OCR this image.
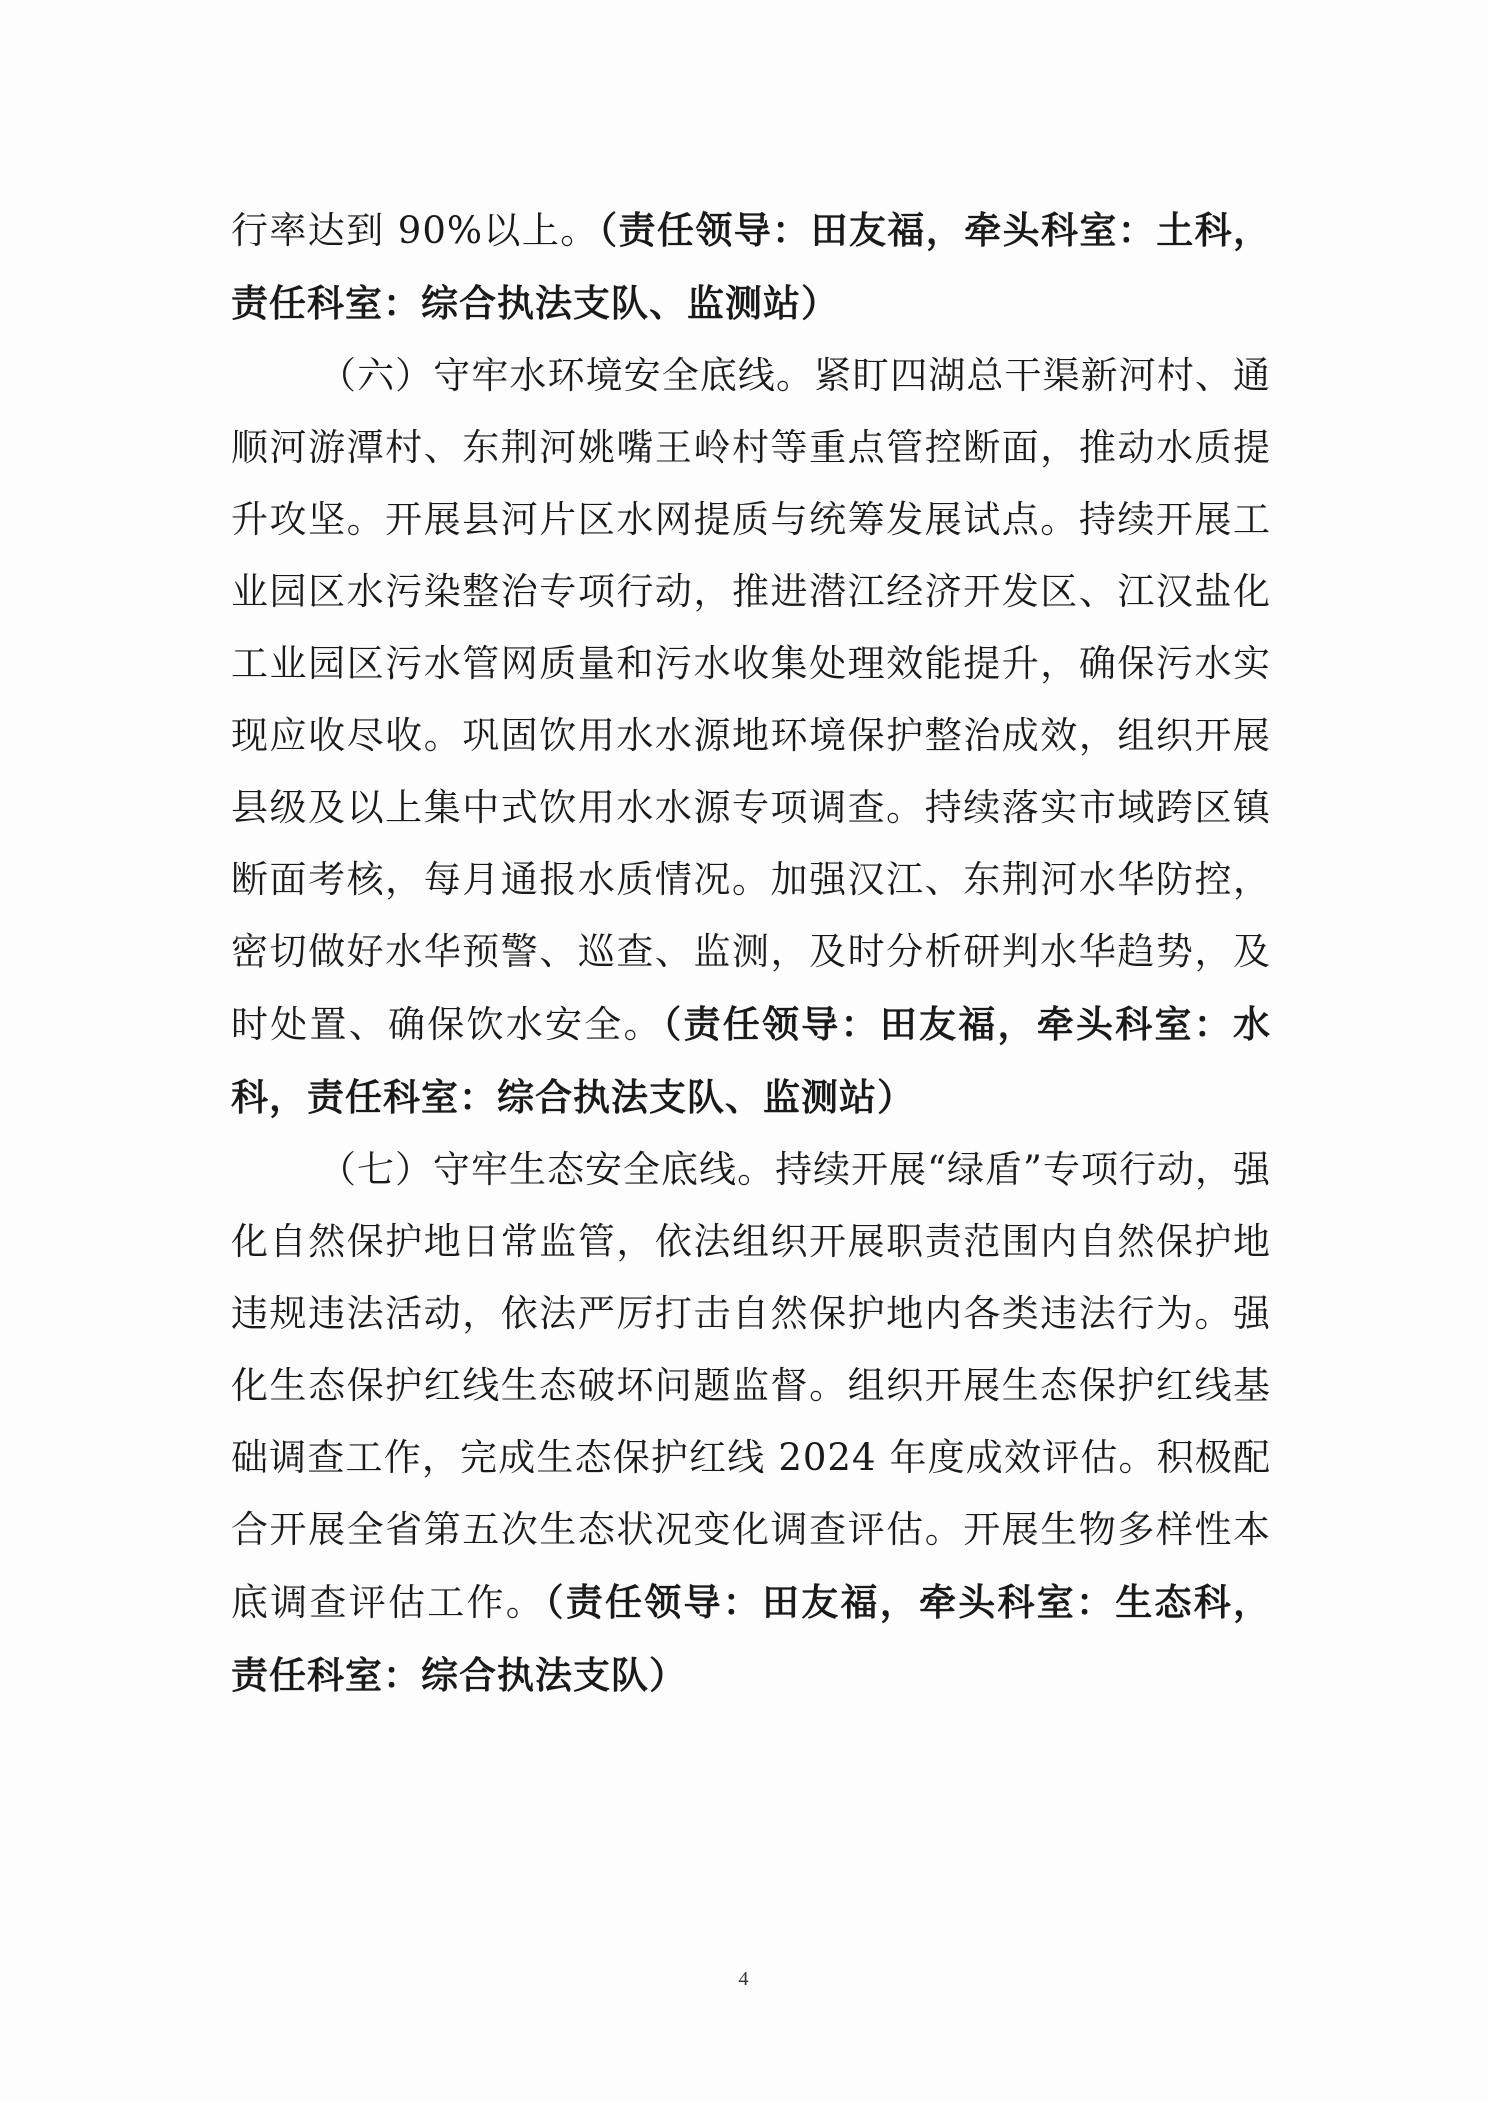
行率达到 90%以上。（责任领导：田友福，牵头科室：土科，责任科室：综合执法支队、监测站）

（六）守牢水环境安全底线。紧盯四湖总干渠新河村、通顺河游潭村、东荆河姚嘴王岭村等重点管控断面，推动水质提升攻坚。开展县河片区水网提质与统筹发展试点。持续开展工业园区水污染整治专项行动，推进潜江经济开发区、江汉盐化工业园区污水管网质量和污水收集处理效能提升，确保污水实现应收尽收。巩固饮用水水源地环境保护整治成效，组织开展县级及以上集中式饮用水水源专项调查。持续落实市域跨区镇断面考核，每月通报水质情况。加强汉江、东荆河水华防控，密切做好水华预警、巡查、监测，及时分析研判水华趋势，及时处置、确保饮水安全。（责任领导：田友福，牵头科室：水科，责任科室：综合执法支队、监测站）

（七）守牢生态安全底线。持续开展“绿盾”专项行动，强化自然保护地日常监管，依法组织开展职责范围内自然保护地违规违法活动，依法严厉打击自然保护地内各类违法行为。强化生态保护红线生态破坏问题监督。组织开展生态保护红线基础调查工作，完成生态保护红线 2024 年度成效评估。积极配合开展全省第五次生态状况变化调查评估。开展生物多样性本底调查评估工作。（责任领导：田友福，牵头科室：生态科，责任科室：综合执法支队）

4
